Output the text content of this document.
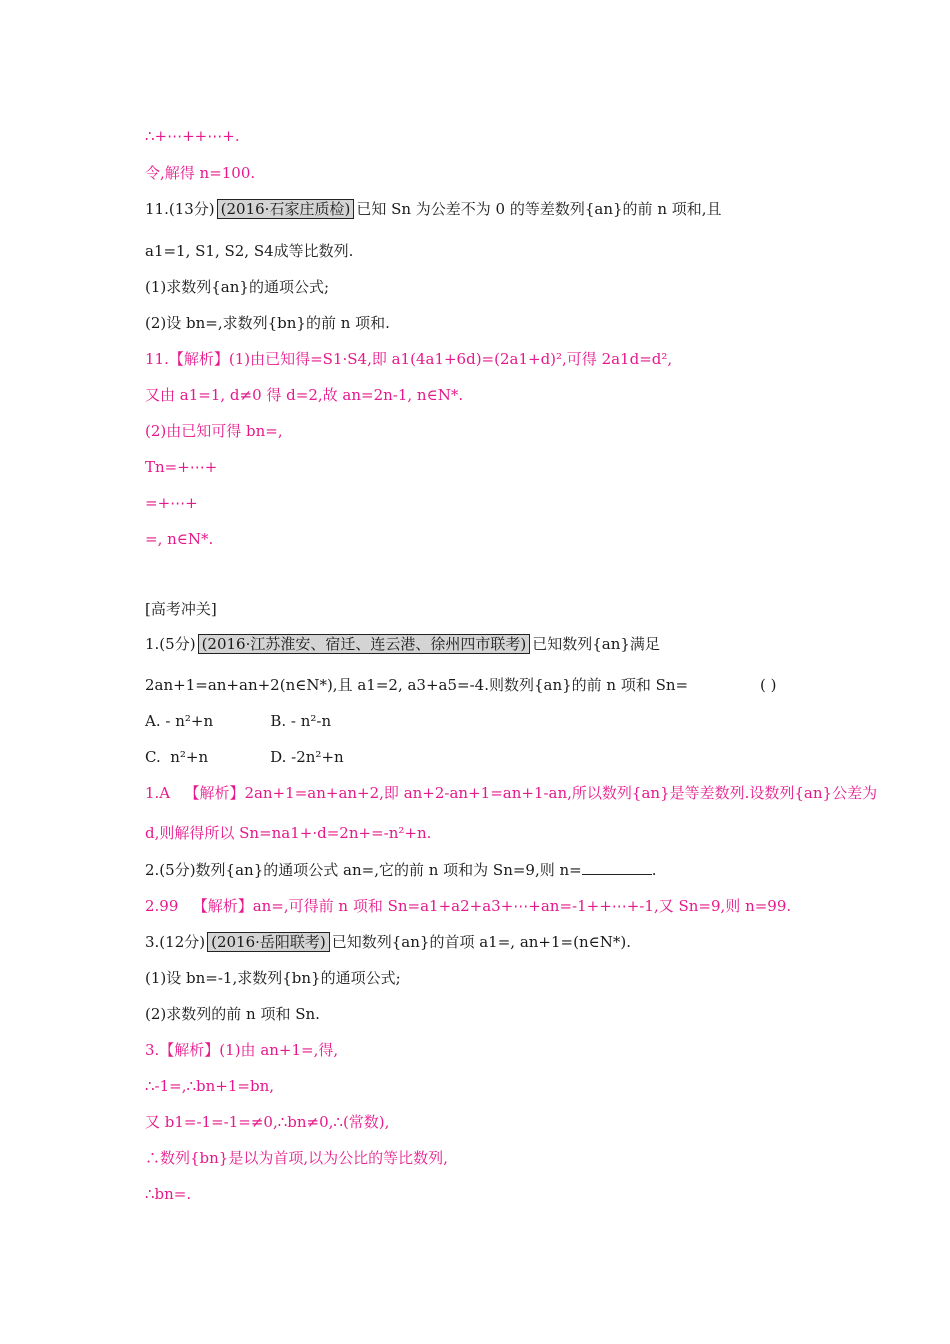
∴+⋯++⋯+.
令,解得 n=100.
11.(13分) (2016·石家庄质检) 已知 Sn 为公差不为 0 的等差数列{an}的前 n 项和,且
a1=1, S1, S2, S4成等比数列.
(1)求数列{an}的通项公式;
(2)设 bn=,求数列{bn}的前 n 项和.
11.【解析】(1)由已知得=S1·S4,即 a1(4a1+6d)=(2a1+d)²,可得 2a1d=d²,
又由 a1=1, d≠0 得 d=2,故 an=2n-1, n∈N*.
(2)由已知可得 bn=,
Tn=+⋯+
=+⋯+
=, n∈N*.
[高考冲关]
1.(5分) (2016·江苏淮安、宿迁、连云港、徐州四市联考) 已知数列{an}满足
2an+1=an+an+2(n∈N*),且 a1=2, a3+a5=-4.则数列{an}的前 n 项和 Sn=	( )
A. - n²+n            B. - n²-n
C.  n²+n             D. -2n²+n
1.A   【解析】2an+1=an+an+2,即 an+2-an+1=an+1-an,所以数列{an}是等差数列.设数列{an}公差为
d,则解得所以 Sn=na1+·d=2n+=-n²+n.
2.(5分)数列{an}的通项公式 an=,它的前 n 项和为 Sn=9,则 n=	.
2.99   【解析】an=,可得前 n 项和 Sn=a1+a2+a3+⋯+an=-1++⋯+-1,又 Sn=9,则 n=99.
3.(12分) (2016·岳阳联考) 已知数列{an}的首项 a1=, an+1=(n∈N*).
(1)设 bn=-1,求数列{bn}的通项公式;
(2)求数列的前 n 项和 Sn.
3.【解析】(1)由 an+1=,得,
∴-1=,∴bn+1=bn,
又 b1=-1=-1=≠0,∴bn≠0,∴(常数),
∴数列{bn}是以为首项,以为公比的等比数列,
∴bn=.
